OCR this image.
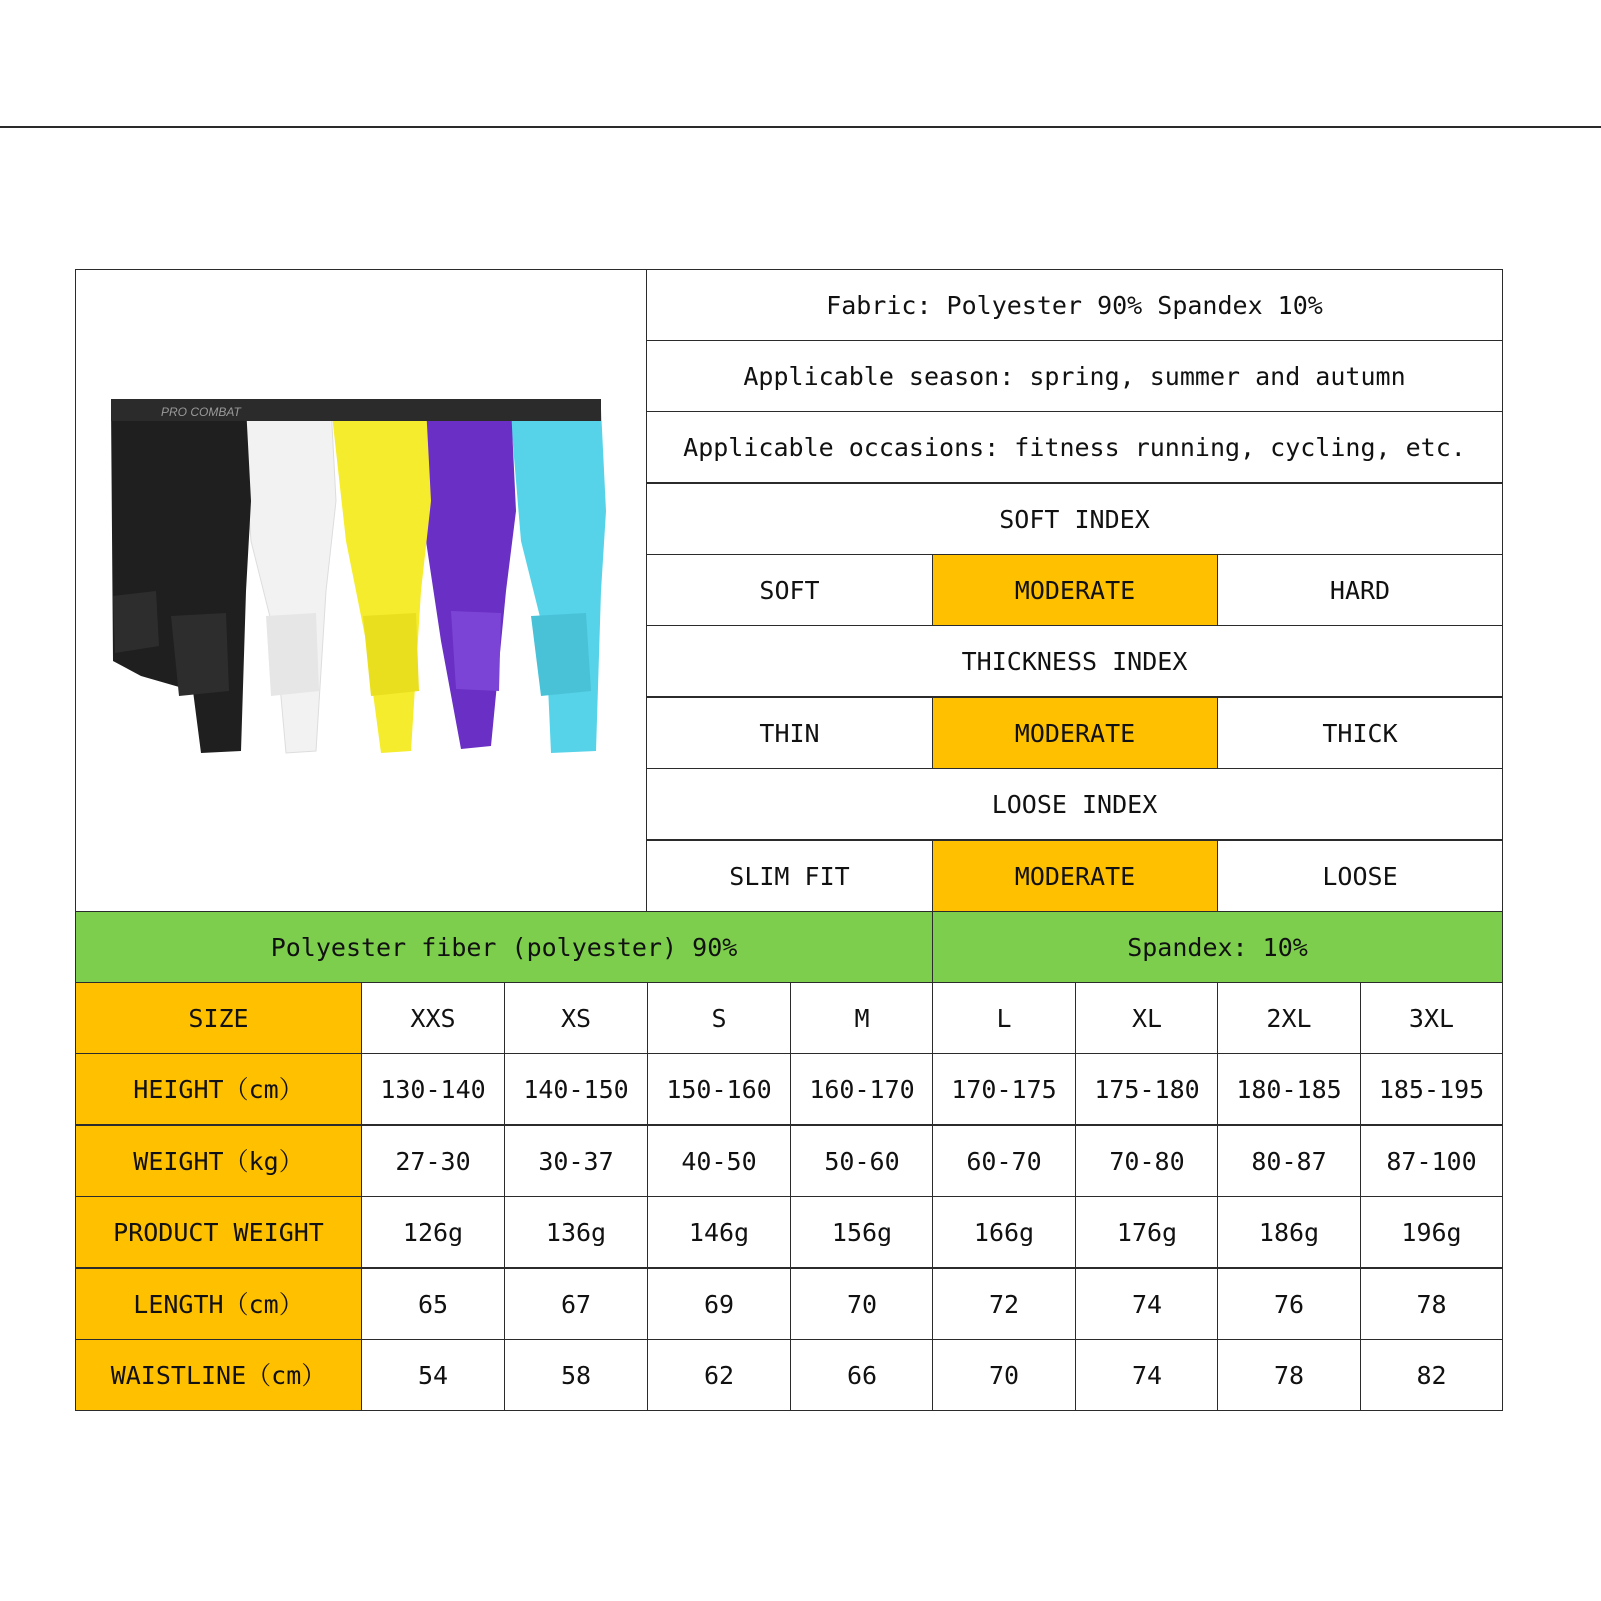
PRO COMBAT
Fabric: Polyester 90% Spandex 10%
Applicable season: spring, summer and autumn
Applicable occasions: fitness running, cycling, etc.
SOFT INDEX
SOFT	MODERATE	HARD
THICKNESS INDEX
THIN	MODERATE	THICK
LOOSE INDEX
SLIM FIT	MODERATE	LOOSE
Polyester fiber (polyester) 90%	Spandex: 10%
SIZE	XXS	XS	S	M	L	XL	2XL	3XL
HEIGHT（cm）	130-140	140-150	150-160	160-170	170-175	175-180	180-185	185-195
WEIGHT（kg）	27-30	30-37	40-50	50-60	60-70	70-80	80-87	87-100
PRODUCT WEIGHT	126g	136g	146g	156g	166g	176g	186g	196g
LENGTH（cm）	65	67	69	70	72	74	76	78
WAISTLINE（cm）	54	58	62	66	70	74	78	82
